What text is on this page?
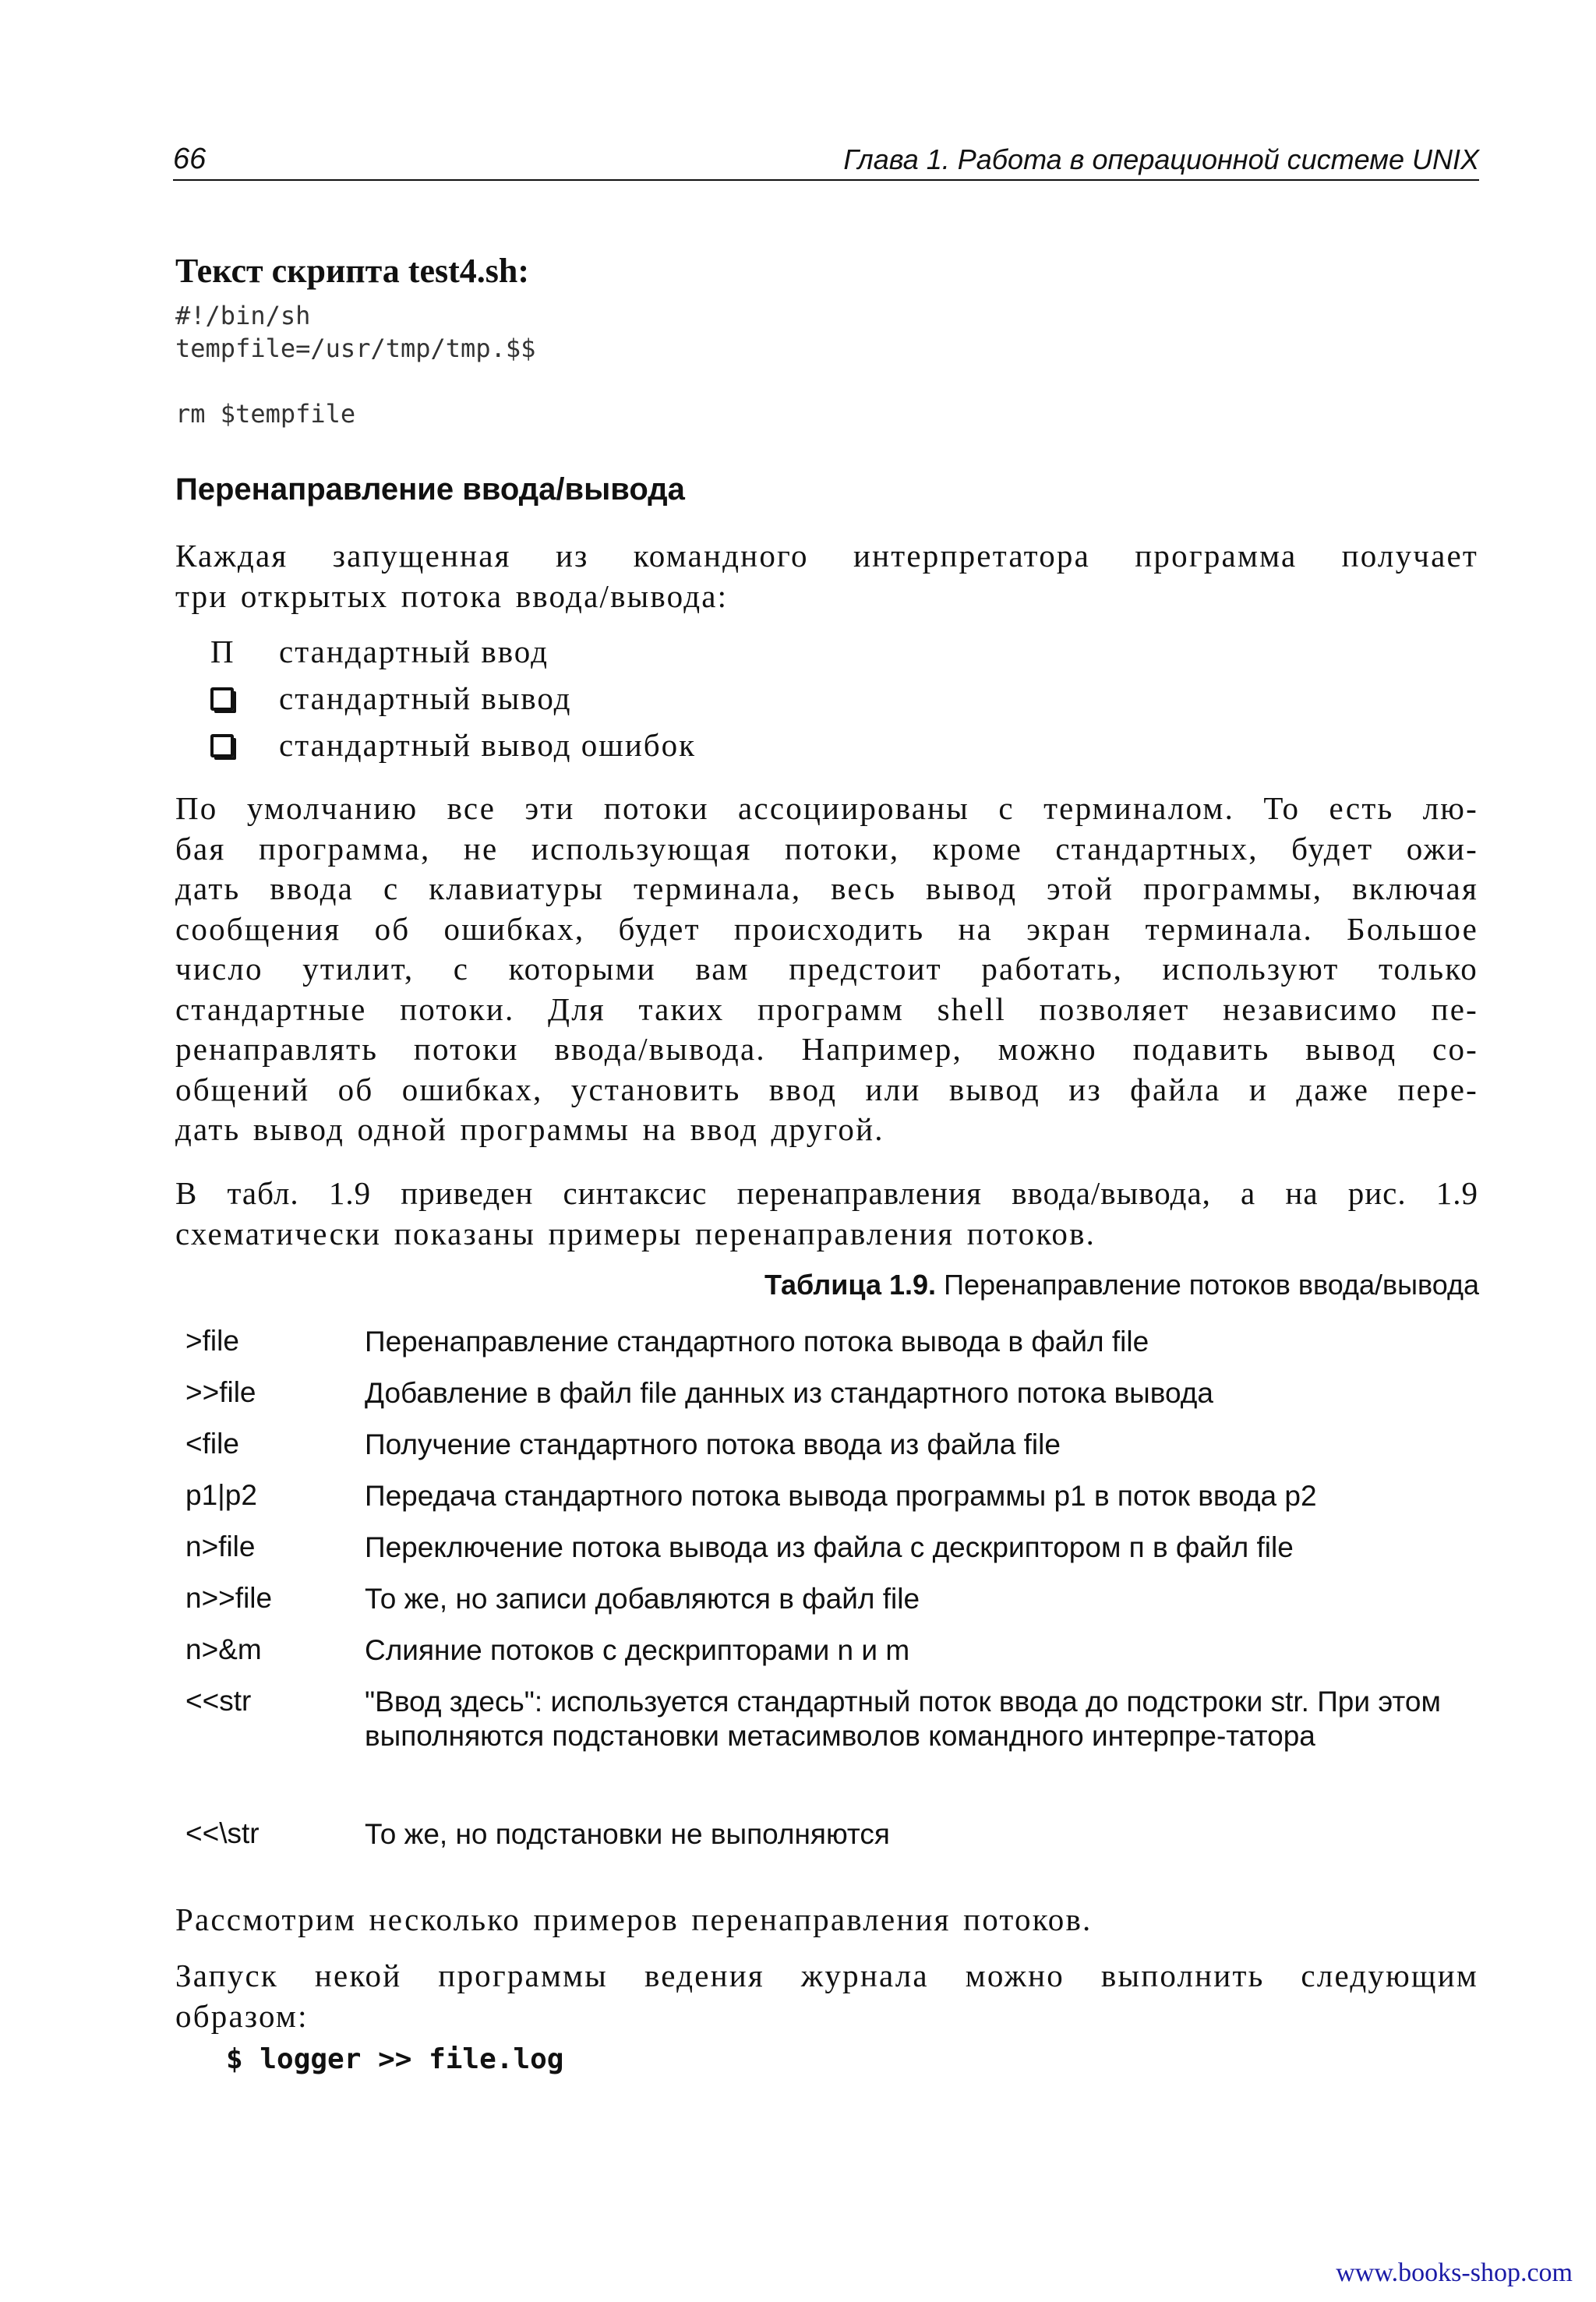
66	Глава 1. Работа в операционной системе UNIX
Текст скрипта test4.sh:
#!/bin/sh
tempfile=/usr/tmp/tmp.$$
rm $tempfile
Перенаправление ввода/вывода
Каждая запущенная из командного интерпретатора программа получает
три открытых потока ввода/вывода:
П	стандартный ввод
стандартный вывод
стандартный вывод ошибок
По умолчанию все эти потоки ассоциированы с терминалом. То есть лю-
бая программа, не использующая потоки, кроме стандартных, будет ожи-
дать ввода с клавиатуры терминала, весь вывод этой программы, включая
сообщения об ошибках, будет происходить на экран терминала. Большое
число утилит, с которыми вам предстоит работать, используют только
стандартные потоки. Для таких программ shell позволяет независимо пе-
ренаправлять потоки ввода/вывода. Например, можно подавить вывод со-
общений об ошибках, установить ввод или вывод из файла и даже пере-
дать вывод одной программы на ввод другой.
В табл. 1.9 приведен синтаксис перенаправления ввода/вывода, а на рис. 1.9
схематически показаны примеры перенаправления потоков.
Таблица 1.9. Перенаправление потоков ввода/вывода
>file	Перенаправление стандартного потока вывода в файл file
>>file	Добавление в файл file данных из стандартного потока вывода
<file	Получение стандартного потока ввода из файла file
p1|p2	Передача стандартного потока вывода программы p1 в поток ввода p2
n>file	Переключение потока вывода из файла с дескриптором п в файл file
n>>file	То же, но записи добавляются в файл file
n>&m	Слияние потоков с дескрипторами n и m
<<str	"Ввод здесь": используется стандартный поток ввода до подстроки str. При этом выполняются подстановки метасимволов командного интерпре-татора
<<\str	То же, но подстановки не выполняются
Рассмотрим несколько примеров перенаправления потоков.
Запуск некой программы ведения журнала можно выполнить следующим
образом:
$ logger >> file.log
www.books-shop.com
